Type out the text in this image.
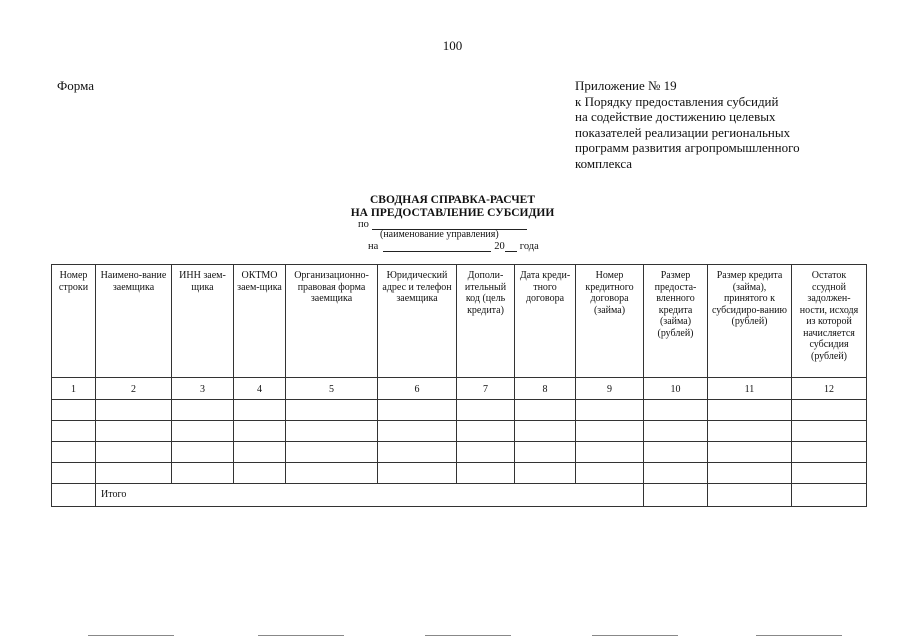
100
Форма	Приложение № 19
к Порядку предоставления субсидий
на содействие достижению целевых
показателей реализации региональных
программ развития агропромышленного
комплекса
СВОДНАЯ СПРАВКА-РАСЧЕТ
НА ПРЕДОСТАВЛЕНИЕ СУБСИДИИ
по
(наименование управления)
на	20 года
Номер строки	Наимено-вание заемщика	ИНН заем-щика	ОКТМО заем-щика	Организационно-правовая форма заемщика	Юридический адрес и телефон заемщика	Дополи-ительный код (цель кредита)	Дата креди-тного договора	Номер кредитного договора (займа)	Размер предоста-вленного кредита (займа) (рублей)	Размер кредита (займа), принятого к субсидиро-ванию (рублей)	Остаток ссудной задолжен-ности, исходя из которой начисляется субсидия (рублей)
1	2	3	4	5	6	7	8	9	10	11	12

	Итого										
